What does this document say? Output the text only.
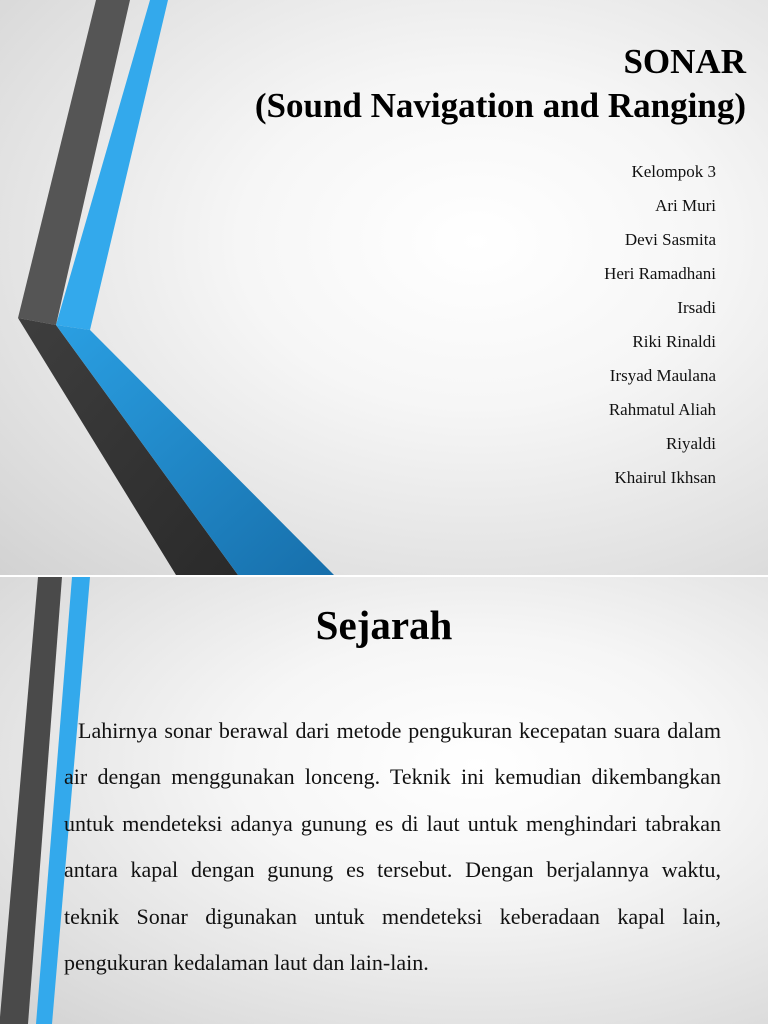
SONAR
(Sound Navigation and Ranging)
Kelompok 3
Ari Muri
Devi Sasmita
Heri Ramadhani
Irsadi
Riki Rinaldi
Irsyad Maulana
Rahmatul Aliah
Riyaldi
Khairul Ikhsan
Sejarah

Lahirnya sonar berawal dari metode pengukuran kecepatan suara dalam air dengan menggunakan lonceng. Teknik ini kemudian dikembangkan untuk mendeteksi adanya gunung es di laut untuk menghindari tabrakan antara kapal dengan gunung es tersebut. Dengan berjalannya waktu, teknik Sonar digunakan untuk mendeteksi keberadaan kapal lain, pengukuran kedalaman laut dan lain-lain.
